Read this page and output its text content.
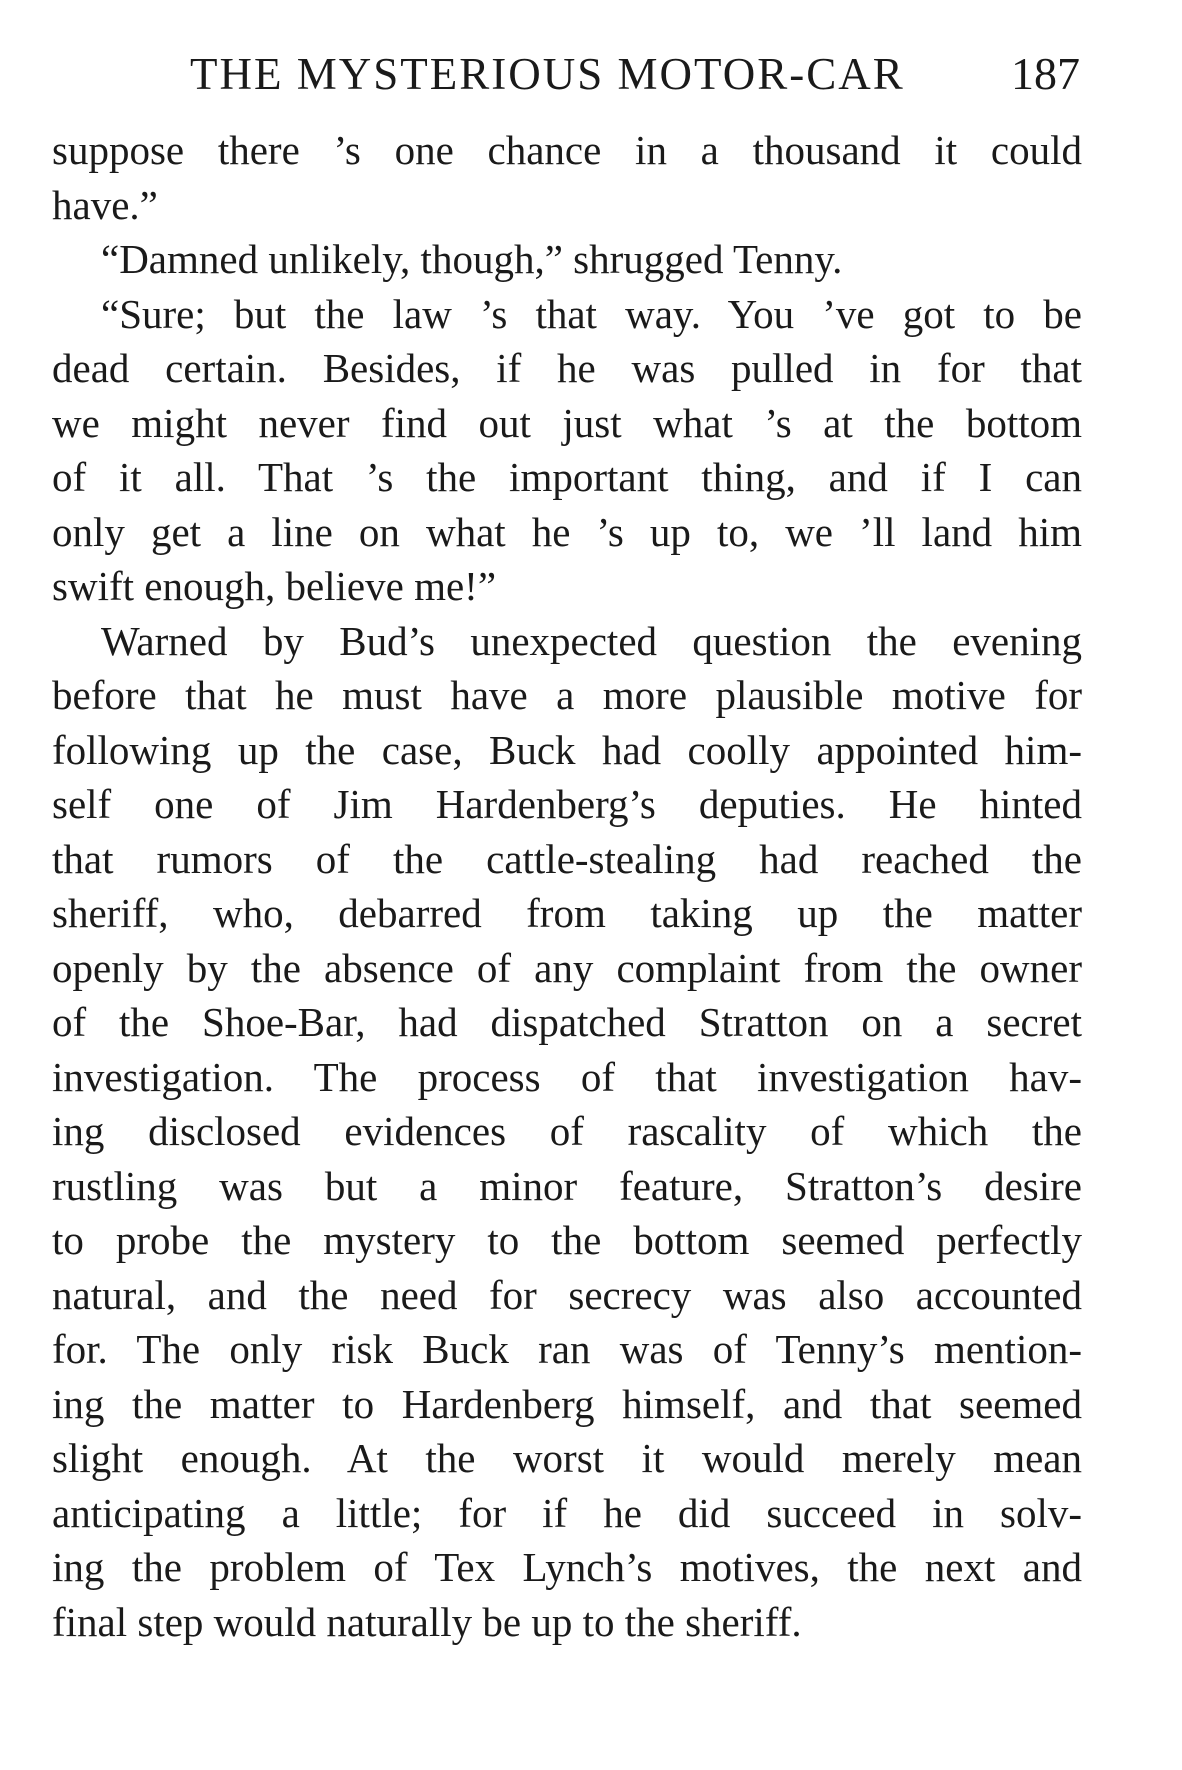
THE MYSTERIOUS MOTOR-CAR 187
suppose there ’s one chance in a thousand it could
have.”
“Damned unlikely, though,” shrugged Tenny.
“Sure; but the law ’s that way. You ’ve got to be
dead certain. Besides, if he was pulled in for that
we might never find out just what ’s at the bottom
of it all. That ’s the important thing, and if I can
only get a line on what he ’s up to, we ’ll land him
swift enough, believe me!”
Warned by Bud’s unexpected question the evening
before that he must have a more plausible motive for
following up the case, Buck had coolly appointed him-
self one of Jim Hardenberg’s deputies. He hinted
that rumors of the cattle-stealing had reached the
sheriff, who, debarred from taking up the matter
openly by the absence of any complaint from the owner
of the Shoe-Bar, had dispatched Stratton on a secret
investigation. The process of that investigation hav-
ing disclosed evidences of rascality of which the
rustling was but a minor feature, Stratton’s desire
to probe the mystery to the bottom seemed perfectly
natural, and the need for secrecy was also accounted
for. The only risk Buck ran was of Tenny’s mention-
ing the matter to Hardenberg himself, and that seemed
slight enough. At the worst it would merely mean
anticipating a little; for if he did succeed in solv-
ing the problem of Tex Lynch’s motives, the next and
final step would naturally be up to the sheriff.
